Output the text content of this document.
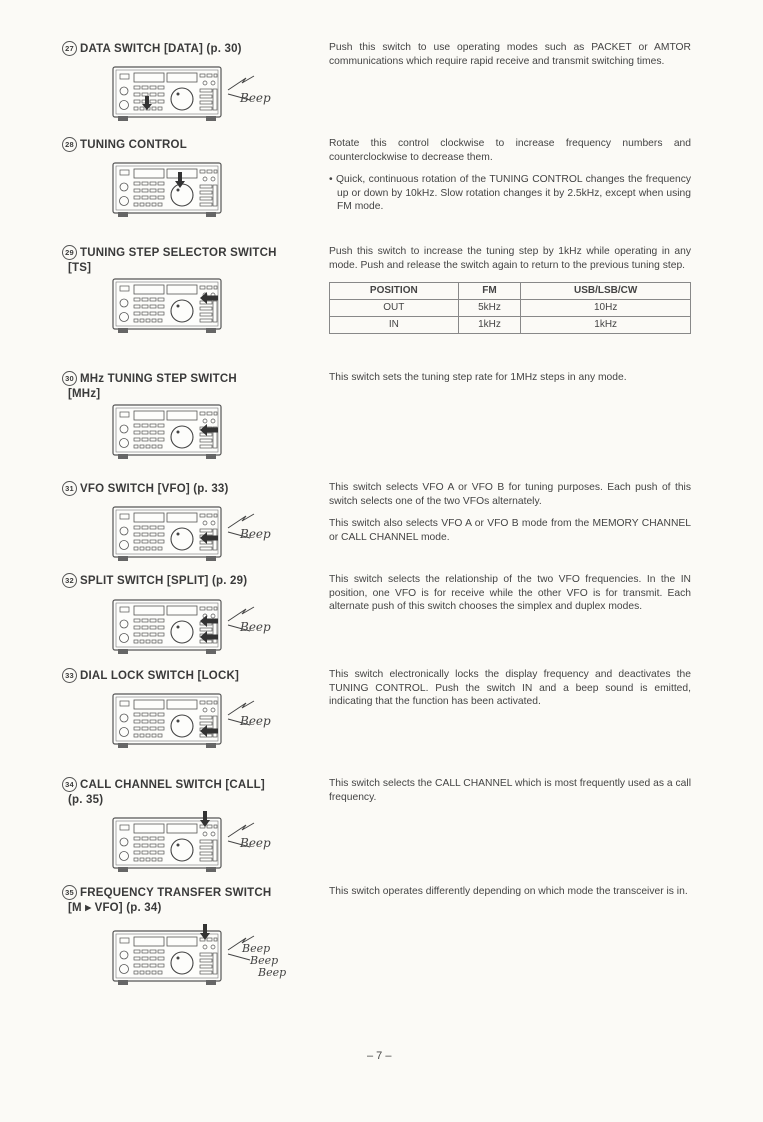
27 DATA SWITCH [DATA] (p. 30)
Beep

Push this switch to use operating modes such as PACKET or AMTOR communications which require rapid receive and transmit switching times.

28 TUNING CONTROL	Rotate this control clockwise to increase frequency numbers and counterclockwise to decrease them.

• Quick, continuous rotation of the TUNING CONTROL changes the frequency up or down by 10kHz. Slow rotation changes it by 2.5kHz, except when using FM mode.

29 TUNING STEP SELECTOR SWITCH
[TS]

Push this switch to increase the tuning step by 1kHz while operating in any mode. Push and release the switch again to return to the previous tuning step.

POSITION	FM	USB/LSB/CW
OUT	5kHz	10Hz
IN	1kHz	1kHz
30 MHz TUNING STEP SWITCH
[MHz]

This switch sets the tuning step rate for 1MHz steps in any mode.

31 VFO SWITCH [VFO] (p. 33)
Beep

This switch selects VFO A or VFO B for tuning purposes. Each push of this switch selects one of the two VFOs alternately.

This switch also selects VFO A or VFO B mode from the MEMORY CHANNEL or CALL CHANNEL mode.

32 SPLIT SWITCH [SPLIT] (p. 29)
Beep

This switch selects the relationship of the two VFO frequencies. In the IN position, one VFO is for receive while the other VFO is for transmit. Each alternate push of this switch chooses the simplex and duplex modes.

33 DIAL LOCK SWITCH [LOCK]
Beep

This switch electronically locks the display frequency and deactivates the TUNING CONTROL. Push the switch IN and a beep sound is emitted, indicating that the function has been activated.

34 CALL CHANNEL SWITCH [CALL]
(p. 35)
Beep

This switch selects the CALL CHANNEL which is most frequently used as a call frequency.

35 FREQUENCY TRANSFER SWITCH
[M ▸ VFO] (p. 34)
Beep
Beep
Beep

This switch operates differently depending on which mode the transceiver is in.

– 7 –
